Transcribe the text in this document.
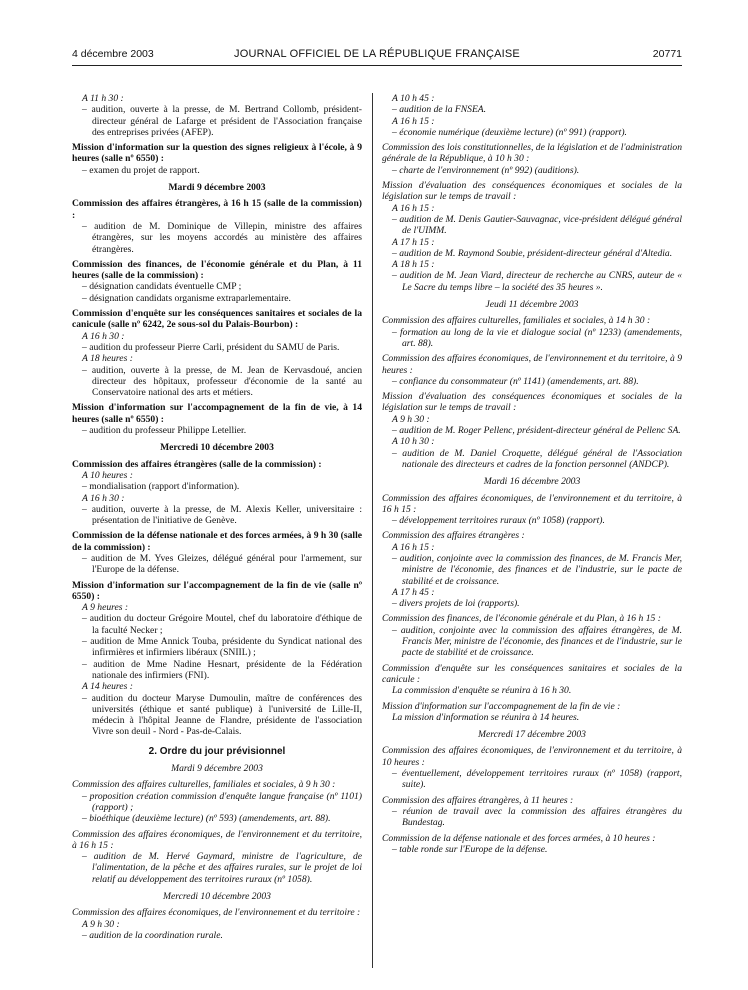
4 décembre 2003	JOURNAL OFFICIEL DE LA RÉPUBLIQUE FRANÇAISE	20771

A 11 h 30 :

– audition, ouverte à la presse, de M. Bertrand Collomb, président-directeur général de Lafarge et président de l'Association française des entreprises privées (AFEP).

Mission d'information sur la question des signes religieux à l'école, à 9 heures (salle nº 6550) :

– examen du projet de rapport.

Mardi 9 décembre 2003

Commission des affaires étrangères, à 16 h 15 (salle de la commission) :

– audition de M. Dominique de Villepin, ministre des affaires étrangères, sur les moyens accordés au ministère des affaires étrangères.

Commission des finances, de l'économie générale et du Plan, à 11 heures (salle de la commission) :

– désignation candidats éventuelle CMP ;

– désignation candidats organisme extraparlementaire.

Commission d'enquête sur les conséquences sanitaires et sociales de la canicule (salle nº 6242, 2e sous-sol du Palais-Bourbon) :

A 16 h 30 :

– audition du professeur Pierre Carli, président du SAMU de Paris.

A 18 heures :

– audition, ouverte à la presse, de M. Jean de Kervasdoué, ancien directeur des hôpitaux, professeur d'économie de la santé au Conservatoire national des arts et métiers.

Mission d'information sur l'accompagnement de la fin de vie, à 14 heures (salle nº 6550) :

– audition du professeur Philippe Letellier.

Mercredi 10 décembre 2003

Commission des affaires étrangères (salle de la commission) :

A 10 heures :

– mondialisation (rapport d'information).

A 16 h 30 :

– audition, ouverte à la presse, de M. Alexis Keller, universitaire : présentation de l'initiative de Genève.

Commission de la défense nationale et des forces armées, à 9 h 30 (salle de la commission) :

– audition de M. Yves Gleizes, délégué général pour l'armement, sur l'Europe de la défense.

Mission d'information sur l'accompagnement de la fin de vie (salle nº 6550) :

A 9 heures :

– audition du docteur Grégoire Moutel, chef du laboratoire d'éthique de la faculté Necker ;

– audition de Mme Annick Touba, présidente du Syndicat national des infirmières et infirmiers libéraux (SNIIL) ;

– audition de Mme Nadine Hesnart, présidente de la Fédération nationale des infirmiers (FNI).

A 14 heures :

– audition du docteur Maryse Dumoulin, maître de conférences des universités (éthique et santé publique) à l'université de Lille-II, médecin à l'hôpital Jeanne de Flandre, présidente de l'association Vivre son deuil - Nord - Pas-de-Calais.

2. Ordre du jour prévisionnel

Mardi 9 décembre 2003

Commission des affaires culturelles, familiales et sociales, à 9 h 30 :

– proposition création commission d'enquête langue française (nº 1101) (rapport) ;

– bioéthique (deuxième lecture) (nº 593) (amendements, art. 88).

Commission des affaires économiques, de l'environnement et du territoire, à 16 h 15 :

– audition de M. Hervé Gaymard, ministre de l'agriculture, de l'alimentation, de la pêche et des affaires rurales, sur le projet de loi relatif au développement des territoires ruraux (nº 1058).

Mercredi 10 décembre 2003

Commission des affaires économiques, de l'environnement et du territoire :

A 9 h 30 :

– audition de la coordination rurale.

A 10 h 45 :

– audition de la FNSEA.

A 16 h 15 :

– économie numérique (deuxième lecture) (nº 991) (rapport).

Commission des lois constitutionnelles, de la législation et de l'administration générale de la République, à 10 h 30 :

– charte de l'environnement (nº 992) (auditions).

Mission d'évaluation des conséquences économiques et sociales de la législation sur le temps de travail :

A 16 h 15 :

– audition de M. Denis Gautier-Sauvagnac, vice-président délégué général de l'UIMM.

A 17 h 15 :

– audition de M. Raymond Soubie, président-directeur général d'Altedia.

A 18 h 15 :

– audition de M. Jean Viard, directeur de recherche au CNRS, auteur de « Le Sacre du temps libre – la société des 35 heures ».

Jeudi 11 décembre 2003

Commission des affaires culturelles, familiales et sociales, à 14 h 30 :

– formation au long de la vie et dialogue social (nº 1233) (amendements, art. 88).

Commission des affaires économiques, de l'environnement et du territoire, à 9 heures :

– confiance du consommateur (nº 1141) (amendements, art. 88).

Mission d'évaluation des conséquences économiques et sociales de la législation sur le temps de travail :

A 9 h 30 :

– audition de M. Roger Pellenc, président-directeur général de Pellenc SA.

A 10 h 30 :

– audition de M. Daniel Croquette, délégué général de l'Association nationale des directeurs et cadres de la fonction personnel (ANDCP).

Mardi 16 décembre 2003

Commission des affaires économiques, de l'environnement et du territoire, à 16 h 15 :

– développement territoires ruraux (nº 1058) (rapport).

Commission des affaires étrangères :

A 16 h 15 :

– audition, conjointe avec la commission des finances, de M. Francis Mer, ministre de l'économie, des finances et de l'industrie, sur le pacte de stabilité et de croissance.

A 17 h 45 :

– divers projets de loi (rapports).

Commission des finances, de l'économie générale et du Plan, à 16 h 15 :

– audition, conjointe avec la commission des affaires étrangères, de M. Francis Mer, ministre de l'économie, des finances et de l'industrie, sur le pacte de stabilité et de croissance.

Commission d'enquête sur les conséquences sanitaires et sociales de la canicule :

La commission d'enquête se réunira à 16 h 30.

Mission d'information sur l'accompagnement de la fin de vie :

La mission d'information se réunira à 14 heures.

Mercredi 17 décembre 2003

Commission des affaires économiques, de l'environnement et du territoire, à 10 heures :

– éventuellement, développement territoires ruraux (nº 1058) (rapport, suite).

Commission des affaires étrangères, à 11 heures :

– réunion de travail avec la commission des affaires étrangères du Bundestag.

Commission de la défense nationale et des forces armées, à 10 heures :

– table ronde sur l'Europe de la défense.
